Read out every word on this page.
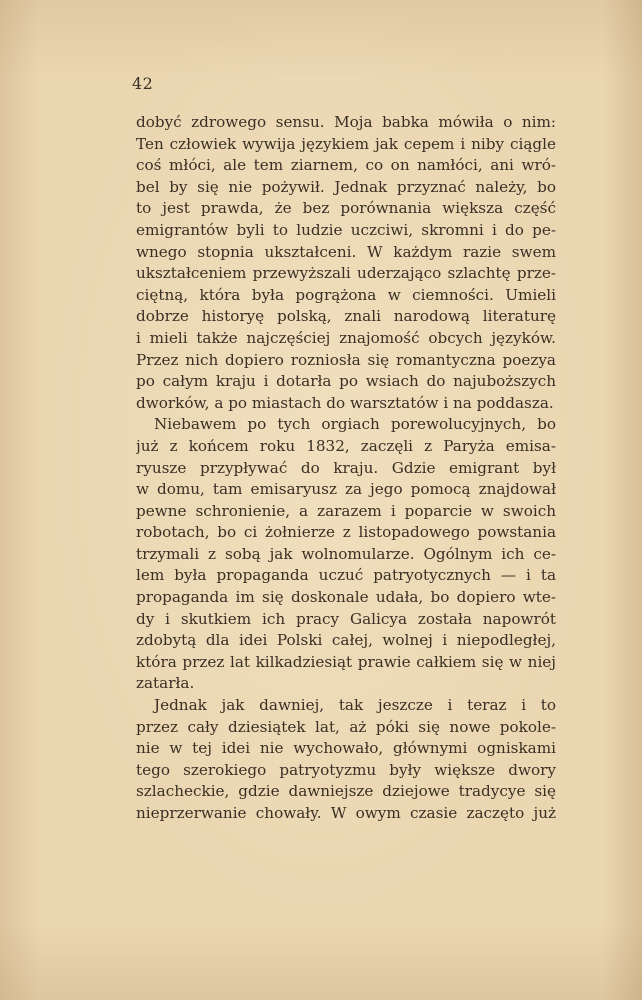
42
dobyć zdrowego sensu. Moja babka mówiła o nim:
Ten człowiek wywija językiem jak cepem i niby ciągle
coś młóci, ale tem ziarnem, co on namłóci, ani wró-
bel by się nie pożywił. Jednak przyznać należy, bo
to jest prawda, że bez porównania większa część
emigrantów byli to ludzie uczciwi, skromni i do pe-
wnego stopnia ukształceni. W każdym razie swem
ukształceniem przewyższali uderzająco szlachtę prze-
ciętną, która była pogrążona w ciemności. Umieli
dobrze historyę polską, znali narodową literaturę
i mieli także najczęściej znajomość obcych języków.
Przez nich dopiero rozniosła się romantyczna poezya
po całym kraju i dotarła po wsiach do najuboższych
dworków, a po miastach do warsztatów i na poddasza.
Niebawem po tych orgiach porewolucyjnych, bo
już z końcem roku 1832, zaczęli z Paryża emisa-
ryusze przypływać do kraju. Gdzie emigrant był
w domu, tam emisaryusz za jego pomocą znajdował
pewne schronienie, a zarazem i poparcie w swoich
robotach, bo ci żołnierze z listopadowego powstania
trzymali z sobą jak wolnomularze. Ogólnym ich ce-
lem była propaganda uczuć patryotycznych — i ta
propaganda im się doskonale udała, bo dopiero wte-
dy i skutkiem ich pracy Galicya została napowrót
zdobytą dla idei Polski całej, wolnej i niepodległej,
która przez lat kilkadziesiąt prawie całkiem się w niej
zatarła.
Jednak jak dawniej, tak jeszcze i teraz i to
przez cały dziesiątek lat, aż póki się nowe pokole-
nie w tej idei nie wychowało, głównymi ogniskami
tego szerokiego patryotyzmu były większe dwory
szlacheckie, gdzie dawniejsze dziejowe tradycye się
nieprzerwanie chowały. W owym czasie zaczęto już
